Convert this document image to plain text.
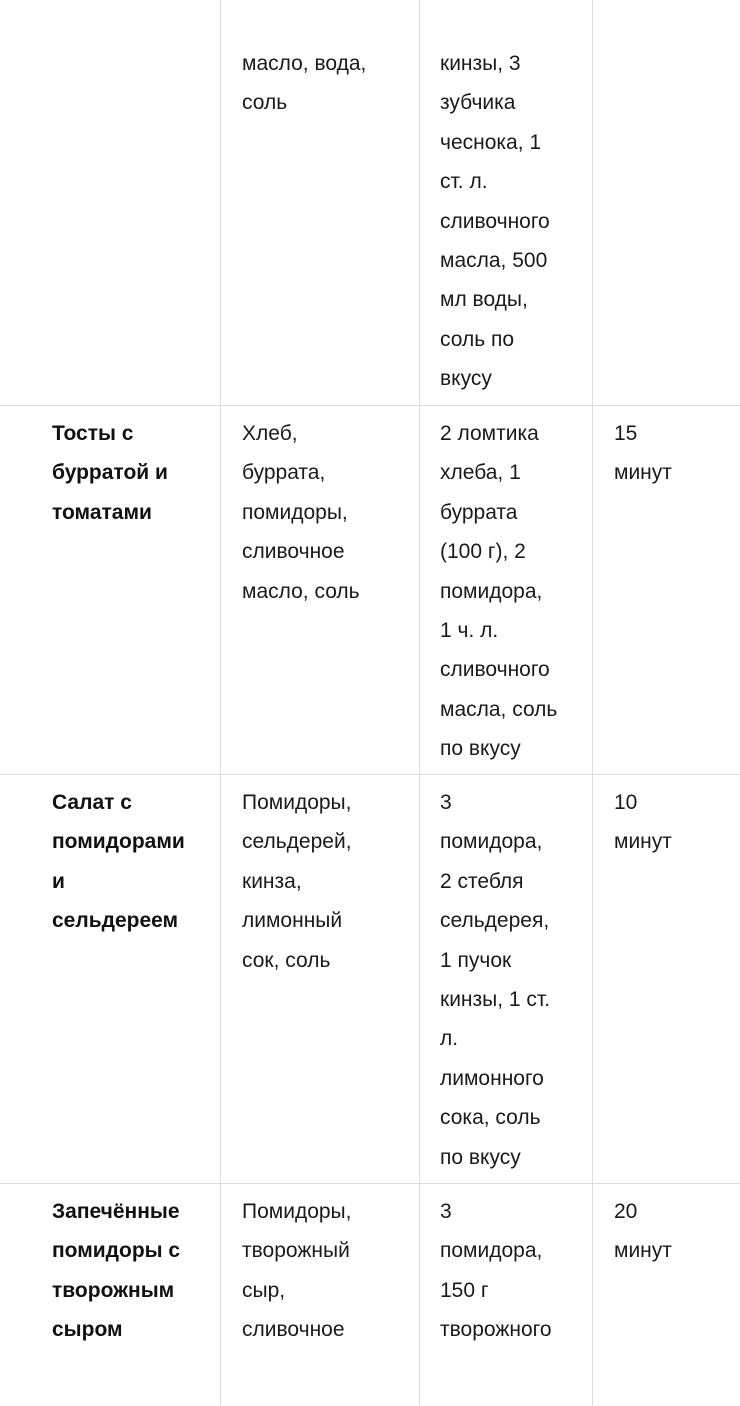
масло, вода,
соль

кинзы, 3
зубчика
чеснока, 1
ст. л.
сливочного
масла, 500
мл воды,
соль по
вкусу

Тосты с
бурратой и
томатами

Хлеб,
буррата,
помидоры,
сливочное
масло, соль

2 ломтика
хлеба, 1
буррата
(100 г), 2
помидора,
1 ч. л.
сливочного
масла, соль
по вкусу

15
минут

Салат с
помидорами
и
сельдереем

Помидоры,
сельдерей,
кинза,
лимонный
сок, соль

3
помидора,
2 стебля
сельдерея,
1 пучок
кинзы, 1 ст.
л.
лимонного
сока, соль
по вкусу

10
минут

Запечённые
помидоры с
творожным
сыром

Помидоры,
творожный
сыр,
сливочное

3
помидора,
150 г
творожного

20
минут
